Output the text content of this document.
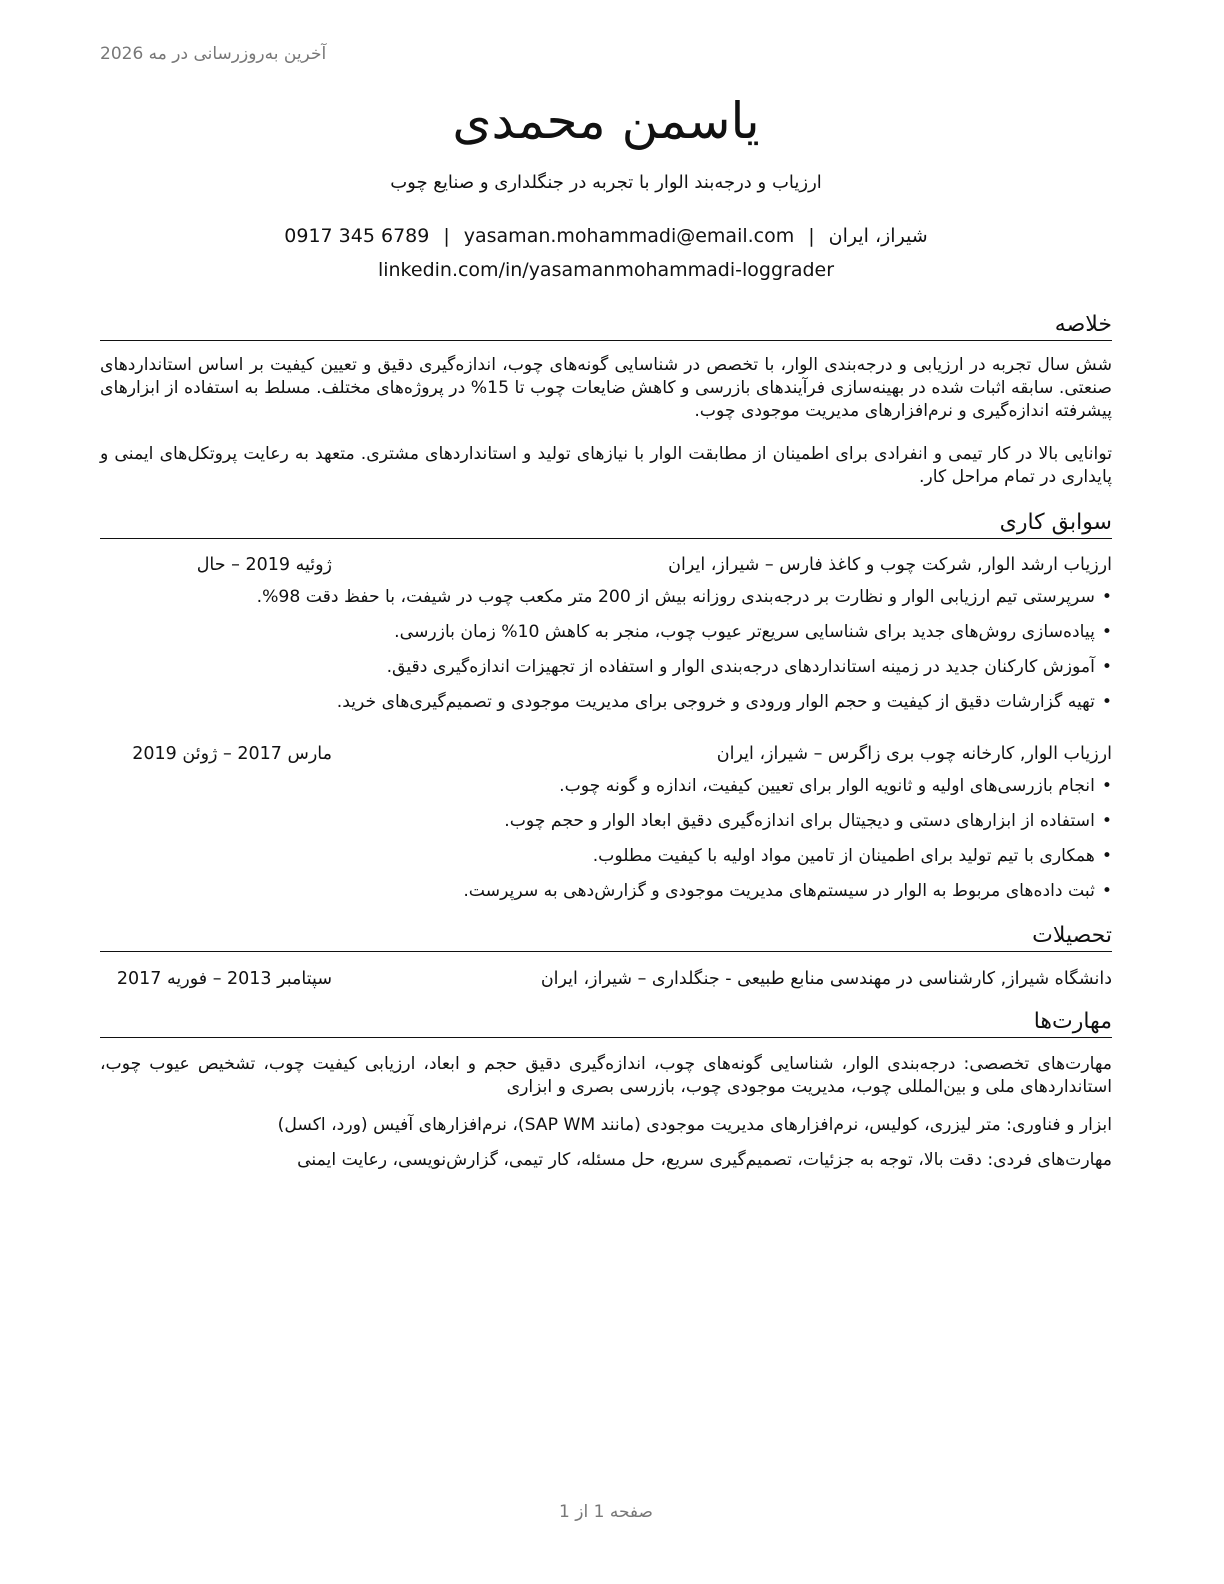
آخرین به‌روزرسانی در مه 2026
یاسمن محمدی
ارزیاب و درجه‌بند الوار با تجربه در جنگلداری و صنایع چوب
شیراز، ایران|yasaman.mohammadi@email.com|0917 345 6789
linkedin.com/in/yasamanmohammadi-loggrader
خلاصه
شش سال تجربه در ارزیابی و درجه‌بندی الوار، با تخصص در شناسایی گونه‌های چوب، اندازه‌گیری دقیق و تعیین کیفیت بر اساس استانداردهای صنعتی. سابقه اثبات شده در بهینه‌سازی فرآیندهای بازرسی و کاهش ضایعات چوب تا 15% در پروژه‌های مختلف. مسلط به استفاده از ابزارهای پیشرفته اندازه‌گیری و نرم‌افزارهای مدیریت موجودی چوب.
توانایی بالا در کار تیمی و انفرادی برای اطمینان از مطابقت الوار با نیازهای تولید و استانداردهای مشتری. متعهد به رعایت پروتکل‌های ایمنی و پایداری در تمام مراحل کار.
سوابق کاری
ارزیاب ارشد الوار, شرکت چوب و کاغذ فارس – شیراز، ایران
ژوئیه 2019 – حال
•سرپرستی تیم ارزیابی الوار و نظارت بر درجه‌بندی روزانه بیش از 200 متر مکعب چوب در شیفت، با حفظ دقت 98%.
•پیاده‌سازی روش‌های جدید برای شناسایی سریع‌تر عیوب چوب، منجر به کاهش 10% زمان بازرسی.
•آموزش کارکنان جدید در زمینه استانداردهای درجه‌بندی الوار و استفاده از تجهیزات اندازه‌گیری دقیق.
•تهیه گزارشات دقیق از کیفیت و حجم الوار ورودی و خروجی برای مدیریت موجودی و تصمیم‌گیری‌های خرید.
ارزیاب الوار, کارخانه چوب بری زاگرس – شیراز، ایران
مارس 2017 – ژوئن 2019
•انجام بازرسی‌های اولیه و ثانویه الوار برای تعیین کیفیت، اندازه و گونه چوب.
•استفاده از ابزارهای دستی و دیجیتال برای اندازه‌گیری دقیق ابعاد الوار و حجم چوب.
•همکاری با تیم تولید برای اطمینان از تامین مواد اولیه با کیفیت مطلوب.
•ثبت داده‌های مربوط به الوار در سیستم‌های مدیریت موجودی و گزارش‌دهی به سرپرست.
تحصیلات
دانشگاه شیراز, کارشناسی در مهندسی منابع طبیعی - جنگلداری – شیراز، ایران
سپتامبر 2013 – فوریه 2017
مهارت‌ها
مهارت‌های تخصصی: درجه‌بندی الوار، شناسایی گونه‌های چوب، اندازه‌گیری دقیق حجم و ابعاد، ارزیابی کیفیت چوب، تشخیص عیوب چوب، استانداردهای ملی و بین‌المللی چوب، مدیریت موجودی چوب، بازرسی بصری و ابزاری
ابزار و فناوری: متر لیزری، کولیس، نرم‌افزارهای مدیریت موجودی (مانند SAP WM)، نرم‌افزارهای آفیس (ورد، اکسل)
مهارت‌های فردی: دقت بالا، توجه به جزئیات، تصمیم‌گیری سریع، حل مسئله، کار تیمی، گزارش‌نویسی، رعایت ایمنی
صفحه 1 از 1
